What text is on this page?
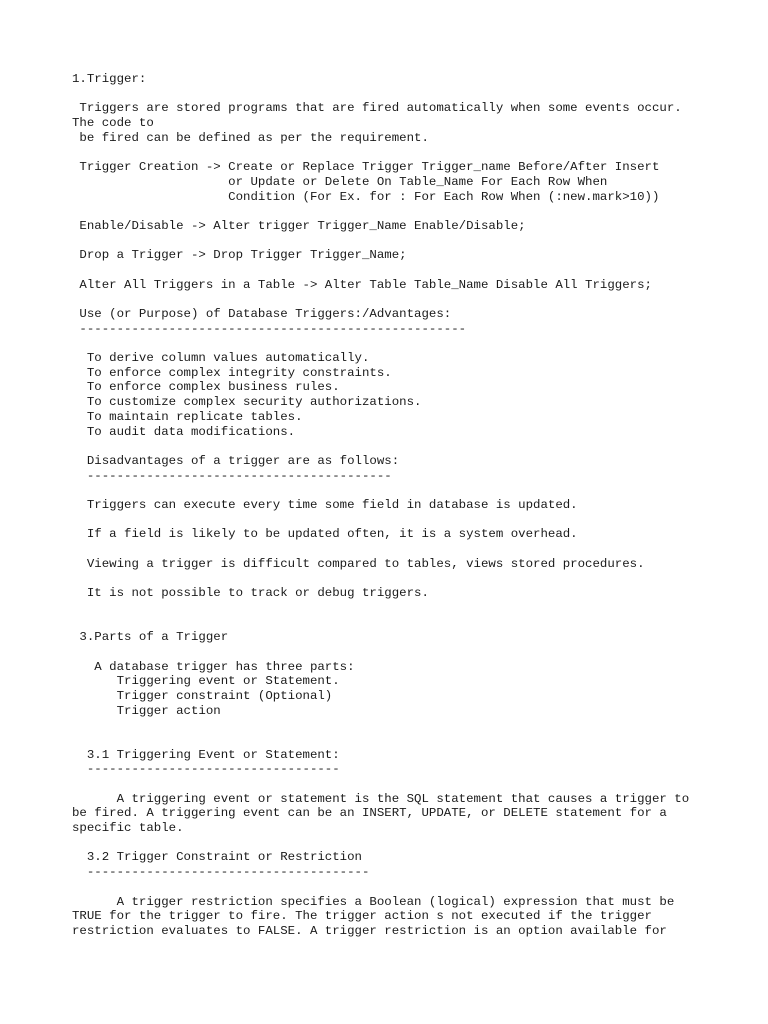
1.Trigger:
Triggers are stored programs that are fired automatically when some events occur.
The code to
be fired can be defined as per the requirement.
Trigger Creation -> Create or Replace Trigger Trigger_name Before/After Insert
or Update or Delete On Table_Name For Each Row When
Condition (For Ex. for : For Each Row When (:new.mark>10))
Enable/Disable -> Alter trigger Trigger_Name Enable/Disable;
Drop a Trigger -> Drop Trigger Trigger_Name;
Alter All Triggers in a Table -> Alter Table Table_Name Disable All Triggers;
Use (or Purpose) of Database Triggers:/Advantages:
----------------------------------------------------
To derive column values automatically.
To enforce complex integrity constraints.
To enforce complex business rules.
To customize complex security authorizations.
To maintain replicate tables.
To audit data modifications.
Disadvantages of a trigger are as follows:
-----------------------------------------
Triggers can execute every time some field in database is updated.
If a field is likely to be updated often, it is a system overhead.
Viewing a trigger is difficult compared to tables, views stored procedures.
It is not possible to track or debug triggers.
3.Parts of a Trigger
A database trigger has three parts:
Triggering event or Statement.
Trigger constraint (Optional)
Trigger action
3.1 Triggering Event or Statement:
----------------------------------
A triggering event or statement is the SQL statement that causes a trigger to
be fired. A triggering event can be an INSERT, UPDATE, or DELETE statement for a
specific table.
3.2 Trigger Constraint or Restriction
--------------------------------------
A trigger restriction specifies a Boolean (logical) expression that must be
TRUE for the trigger to fire. The trigger action s not executed if the trigger
restriction evaluates to FALSE. A trigger restriction is an option available for
